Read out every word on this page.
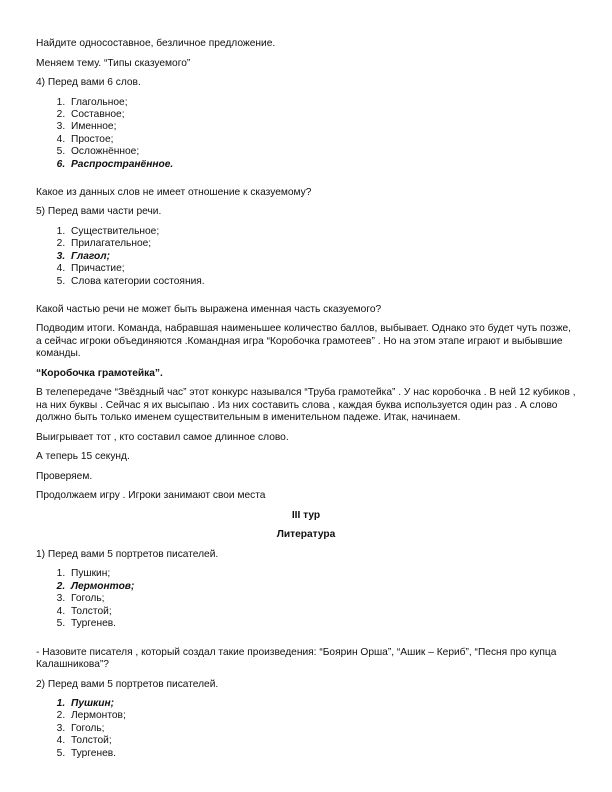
Найдите односоставное, безличное предложение.

Меняем тему. “Типы сказуемого”

4) Перед вами 6 слов.

1. Глагольное;
2. Составное;
3. Именное;
4. Простое;
5. Осложнённое;
6. Распространённое.

Какое из данных слов не имеет отношение к сказуемому?

5) Перед вами части речи.

1. Существительное;
2. Прилагательное;
3. Глагол;
4. Причастие;
5. Слова категории состояния.

Какой частью речи не может быть выражена именная часть сказуемого?

Подводим итоги. Команда, набравшая наименьшее количество баллов, выбывает. Однако это будет чуть позже, а сейчас игроки объединяются .Командная игра “Коробочка грамотеев” . Но на этом этапе играют и выбывшие команды.

“Коробочка грамотейка”.

В телепередаче “Звёздный час” этот конкурс назывался “Труба грамотейка” . У нас коробочка . В ней 12 кубиков , на них буквы . Сейчас я их высыпаю . Из них составить слова , каждая буква используется один раз . А слово должно быть только именем существительным в именительном падеже. Итак, начинаем.

Выигрывает тот , кто составил самое длинное слово.

А теперь 15 секунд.

Проверяем.

Продолжаем игру . Игроки занимают свои места

III тур

Литература

1) Перед вами 5 портретов писателей.

1. Пушкин;
2. Лермонтов;
3. Гоголь;
4. Толстой;
5. Тургенев.

- Назовите писателя , который создал такие произведения: “Боярин Орша”, “Ашик – Кериб”, “Песня про купца Калашникова”?

2) Перед вами 5 портретов писателей.

1. Пушкин;
2. Лермонтов;
3. Гоголь;
4. Толстой;
5. Тургенев.
